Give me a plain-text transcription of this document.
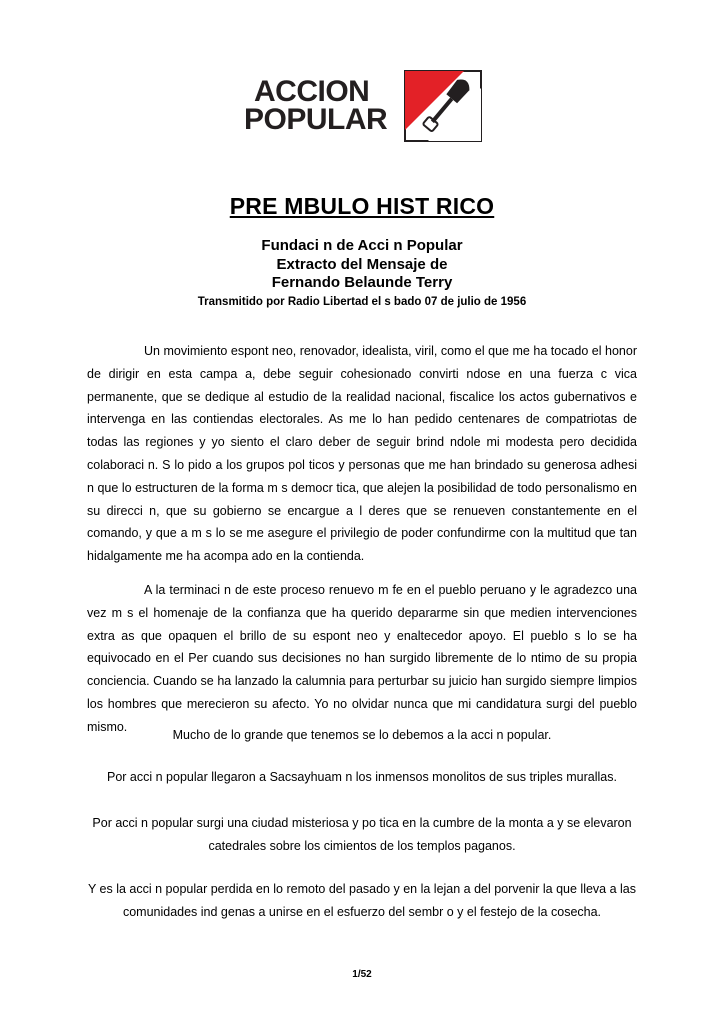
ACCION
POPULAR
PRE MBULO HIST RICO
Fundaci n de Acci n Popular
Extracto del Mensaje de
Fernando Belaunde Terry
Transmitido por Radio Libertad el s bado 07 de julio de 1956
Un movimiento espont neo, renovador, idealista, viril, como el que me ha tocado el honor de dirigir en esta campa a, debe seguir cohesionado convirti ndose en una fuerza c vica permanente, que se dedique al estudio de la realidad nacional, fiscalice los actos gubernativos e intervenga en las contiendas electorales. As me lo han pedido centenares de compatriotas de todas las regiones y yo siento el claro deber de seguir brind ndole mi modesta pero decidida colaboraci n. S lo pido a los grupos pol ticos y personas que me han brindado su generosa adhesi n que lo estructuren de la forma m s democr tica, que alejen la posibilidad de todo personalismo en su direcci n, que su gobierno se encargue a l deres que se renueven constantemente en el comando, y que a m s lo se me asegure el privilegio de poder confundirme con la multitud que tan hidalgamente me ha acompa ado en la contienda.
A la terminaci n de este proceso renuevo m fe en el pueblo peruano y le agradezco una vez m s el homenaje de la confianza que ha querido depararme sin que medien intervenciones extra as que opaquen el brillo de su espont neo y enaltecedor apoyo. El pueblo s lo se ha equivocado en el Per cuando sus decisiones no han surgido libremente de lo ntimo de su propia conciencia. Cuando se ha lanzado la calumnia para perturbar su juicio han surgido siempre limpios los hombres que merecieron su afecto. Yo no olvidar nunca que mi candidatura surgi del pueblo mismo.
Mucho de lo grande que tenemos se lo debemos a la acci n popular.
Por acci n popular llegaron a Sacsayhuam n los inmensos monolitos de sus triples murallas.
Por acci n popular surgi una ciudad misteriosa y po tica en la cumbre de la monta a y se elevaron catedrales sobre los cimientos de los templos paganos.
Y es la acci n popular perdida en lo remoto del pasado y en la lejan a del porvenir la que lleva a las comunidades ind genas a unirse en el esfuerzo del sembr o y el festejo de la cosecha.
1/52
